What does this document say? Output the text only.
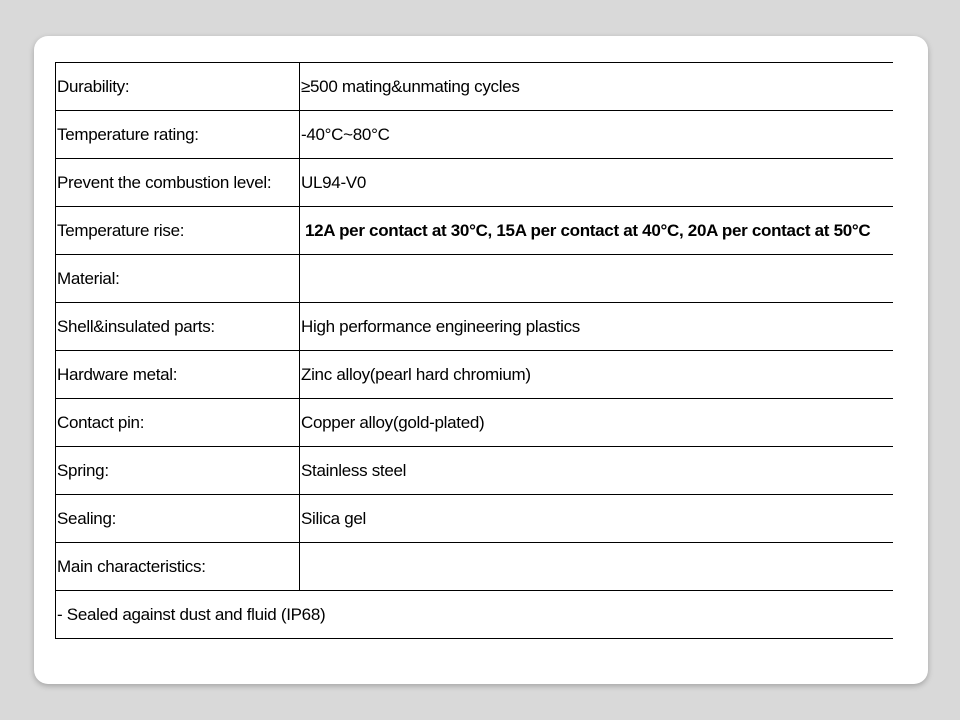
Durability:	≥500 mating&unmating cycles
Temperature rating:	-40°C~80°C
Prevent the combustion level:	UL94-V0
Temperature rise:	12A per contact at 30°C, 15A per contact at 40°C, 20A per contact at 50°C
Material:	
Shell&insulated parts:	High performance engineering plastics
Hardware metal:	Zinc alloy(pearl hard chromium)
Contact pin:	Copper alloy(gold-plated)
Spring:	Stainless steel
Sealing:	Silica gel
Main characteristics:	
- Sealed against dust and fluid (IP68)	
